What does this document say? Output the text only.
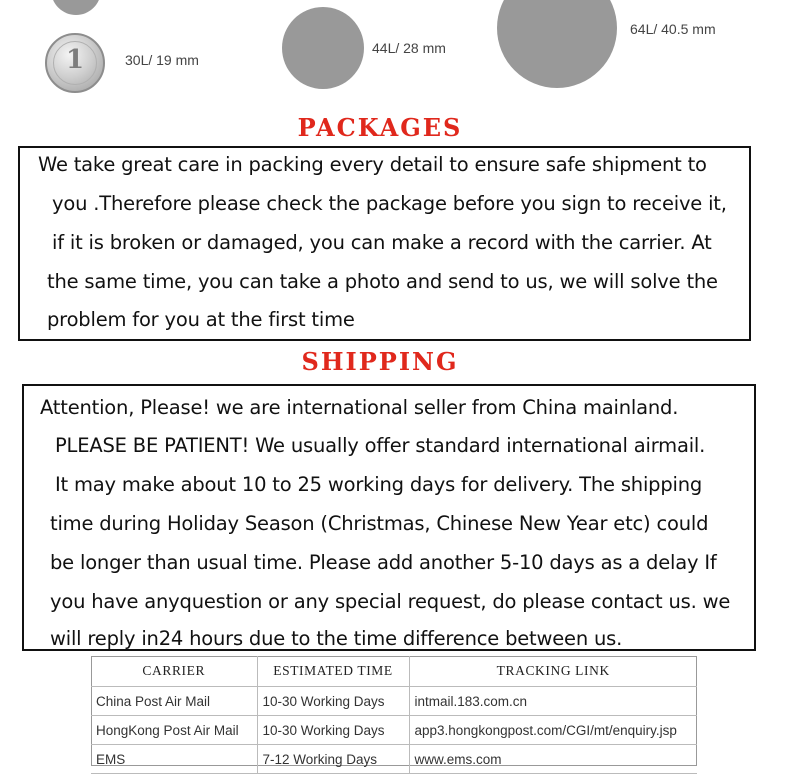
1	30L/ 19 mm
44L/ 28 mm
64L/ 40.5 mm
PACKAGES
We take great care in packing every detail to ensure safe shipment to
you .Therefore please check the package before you sign to receive it,
if it is broken or damaged, you can make a record with the carrier. At
the same time, you can take a photo and send to us, we will solve the
problem for you at the first time
SHIPPING
Attention, Please! we are international seller from China mainland.
PLEASE BE PATIENT! We usually offer standard international airmail.
It may make about 10 to 25 working days for delivery. The shipping
time during Holiday Season (Christmas, Chinese New Year etc) could
be longer than usual time. Please add another 5-10 days as a delay If
you have anyquestion or any special request, do please contact us. we
will reply in24 hours due to the time difference between us.
CARRIER	ESTIMATED TIME	TRACKING LINK
China Post Air Mail	10-30 Working Days	intmail.183.com.cn
HongKong Post Air Mail	10-30 Working Days	app3.hongkongpost.com/CGI/mt/enquiry.jsp
EMS	7-12 Working Days	www.ems.com
